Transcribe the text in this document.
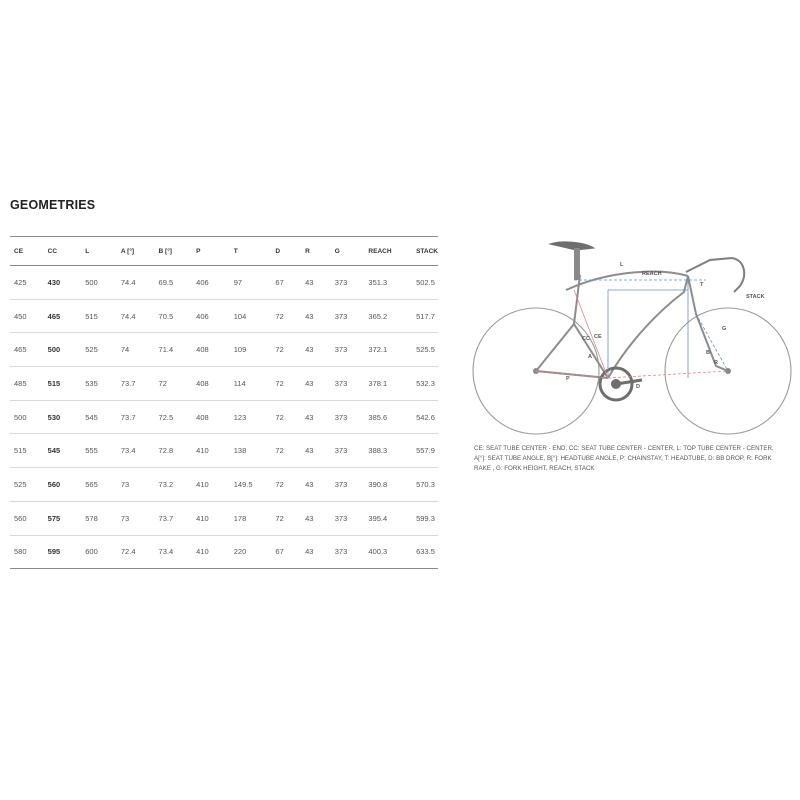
GEOMETRIES
CE	CC	L	A [°]	B [°]	P	T	D	R	G	REACH	STACK
425	430	500	74.4	69.5	406	97	67	43	373	351.3	502.5
450	465	515	74.4	70.5	406	104	72	43	373	365.2	517.7
465	500	525	74	71.4	408	109	72	43	373	372.1	525.5
485	515	535	73.7	72	408	114	72	43	373	378.1	532.3
500	530	545	73.7	72.5	408	123	72	43	373	385.6	542.6
515	545	555	73.4	72.8	410	138	72	43	373	388.3	557.9
525	560	565	73	73.2	410	149.5	72	43	373	390.8	570.3
560	575	578	73	73.7	410	178	72	43	373	395.4	599.3
580	595	600	72.4	73.4	410	220	67	43	373	400.3	633.5
L
REACH
STACK
T
A
B
CC CE
G
R
P
D
CE: SEAT TUBE CENTER - END, CC: SEAT TUBE CENTER - CENTER, L: TOP TUBE CENTER - CENTER, A[°]: SEAT TUBE ANGLE, B[°]: HEADTUBE ANGLE, P: CHAINSTAY, T: HEADTUBE, D: BB DROP, R: FORK RAKE , G: FORK HEIGHT, REACH, STACK
